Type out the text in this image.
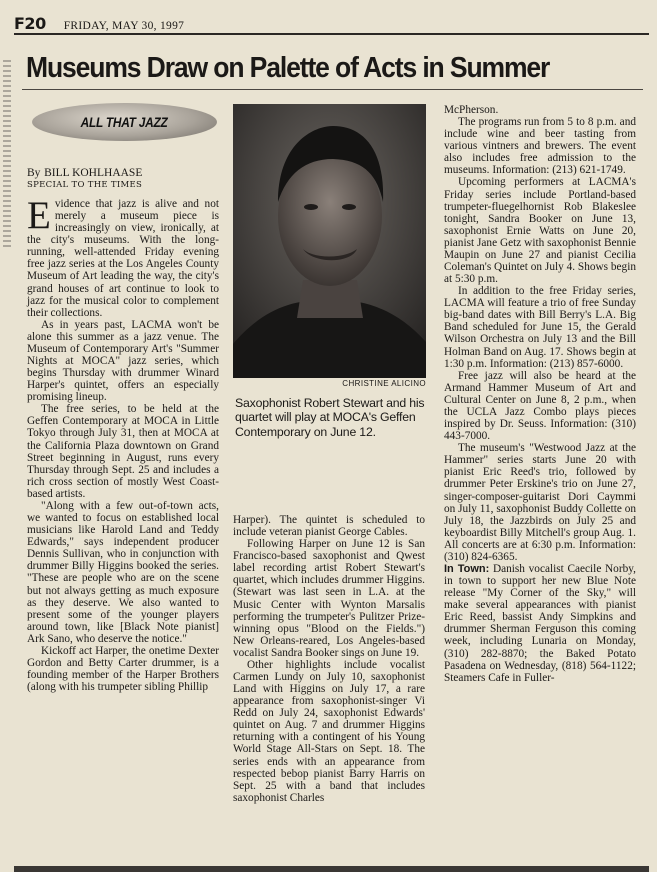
F20 FRIDAY, MAY 30, 1997
Museums Draw on Palette of Acts in Summer
ALL THAT JAZZ
By BILL KOHLHAASE
SPECIAL TO THE TIMES

Evidence that jazz is alive and not merely a museum piece is increasingly on view, ironically, at the city's museums. With the long-running, well-attended Friday evening free jazz series at the Los Angeles County Museum of Art leading the way, the city's grand houses of art continue to look to jazz for the musical color to complement their collections.

As in years past, LACMA won't be alone this summer as a jazz venue. The Museum of Contemporary Art's "Summer Nights at MOCA" jazz series, which begins Thursday with drummer Winard Harper's quintet, offers an especially promising lineup.

The free series, to be held at the Geffen Contemporary at MOCA in Little Tokyo through July 31, then at MOCA at the California Plaza downtown on Grand Street beginning in August, runs every Thursday through Sept. 25 and includes a rich cross section of mostly West Coast-based artists.

"Along with a few out-of-town acts, we wanted to focus on established local musicians like Harold Land and Teddy Edwards," says independent producer Dennis Sullivan, who in conjunction with drummer Billy Higgins booked the series. "These are people who are on the scene but not always getting as much exposure as they deserve. We also wanted to present some of the younger players around town, like [Black Note pianist] Ark Sano, who deserve the notice."

Kickoff act Harper, the onetime Dexter Gordon and Betty Carter drummer, is a founding member of the Harper Brothers (along with his trumpeter sibling Phillip

CHRISTINE ALICINO
Saxophonist Robert Stewart and his quartet will play at MOCA's Geffen Contemporary on June 12.

Harper). The quintet is scheduled to include veteran pianist George Cables.

Following Harper on June 12 is San Francisco-based saxophonist and Qwest label recording artist Robert Stewart's quartet, which includes drummer Higgins. (Stewart was last seen in L.A. at the Music Center with Wynton Marsalis performing the trumpeter's Pulitzer Prize-winning opus "Blood on the Fields.") New Orleans-reared, Los Angeles-based vocalist Sandra Booker sings on June 19.

Other highlights include vocalist Carmen Lundy on July 10, saxophonist Land with Higgins on July 17, a rare appearance from saxophonist-singer Vi Redd on July 24, saxophonist Edwards' quintet on Aug. 7 and drummer Higgins returning with a contingent of his Young World Stage All-Stars on Sept. 18. The series ends with an appearance from respected bebop pianist Barry Harris on Sept. 25 with a band that includes saxophonist Charles

McPherson.

The programs run from 5 to 8 p.m. and include wine and beer tasting from various vintners and brewers. The event also includes free admission to the museums. Information: (213) 621-1749.

Upcoming performers at LACMA's Friday series include Portland-based trumpeter-fluegelhornist Rob Blakeslee tonight, Sandra Booker on June 13, saxophonist Ernie Watts on June 20, pianist Jane Getz with saxophonist Bennie Maupin on June 27 and pianist Cecilia Coleman's Quintet on July 4. Shows begin at 5:30 p.m.

In addition to the free Friday series, LACMA will feature a trio of free Sunday big-band dates with Bill Berry's L.A. Big Band scheduled for June 15, the Gerald Wilson Orchestra on July 13 and the Bill Holman Band on Aug. 17. Shows begin at 1:30 p.m. Information: (213) 857-6000.

Free jazz will also be heard at the Armand Hammer Museum of Art and Cultural Center on June 8, 2 p.m., when the UCLA Jazz Combo plays pieces inspired by Dr. Seuss. Information: (310) 443-7000.

The museum's "Westwood Jazz at the Hammer" series starts June 20 with pianist Eric Reed's trio, followed by drummer Peter Erskine's trio on June 27, singer-composer-guitarist Dori Caymmi on July 11, saxophonist Buddy Collette on July 18, the Jazzbirds on July 25 and keyboardist Billy Mitchell's group Aug. 1. All concerts are at 6:30 p.m. Information: (310) 824-6365.

In Town: Danish vocalist Caecile Norby, in town to support her new Blue Note release "My Corner of the Sky," will make several appearances with pianist Eric Reed, bassist Andy Simpkins and drummer Sherman Ferguson this coming week, including Lunaria on Monday, (310) 282-8870; the Baked Potato Pasadena on Wednesday, (818) 564-1122; Steamers Cafe in Fuller-
